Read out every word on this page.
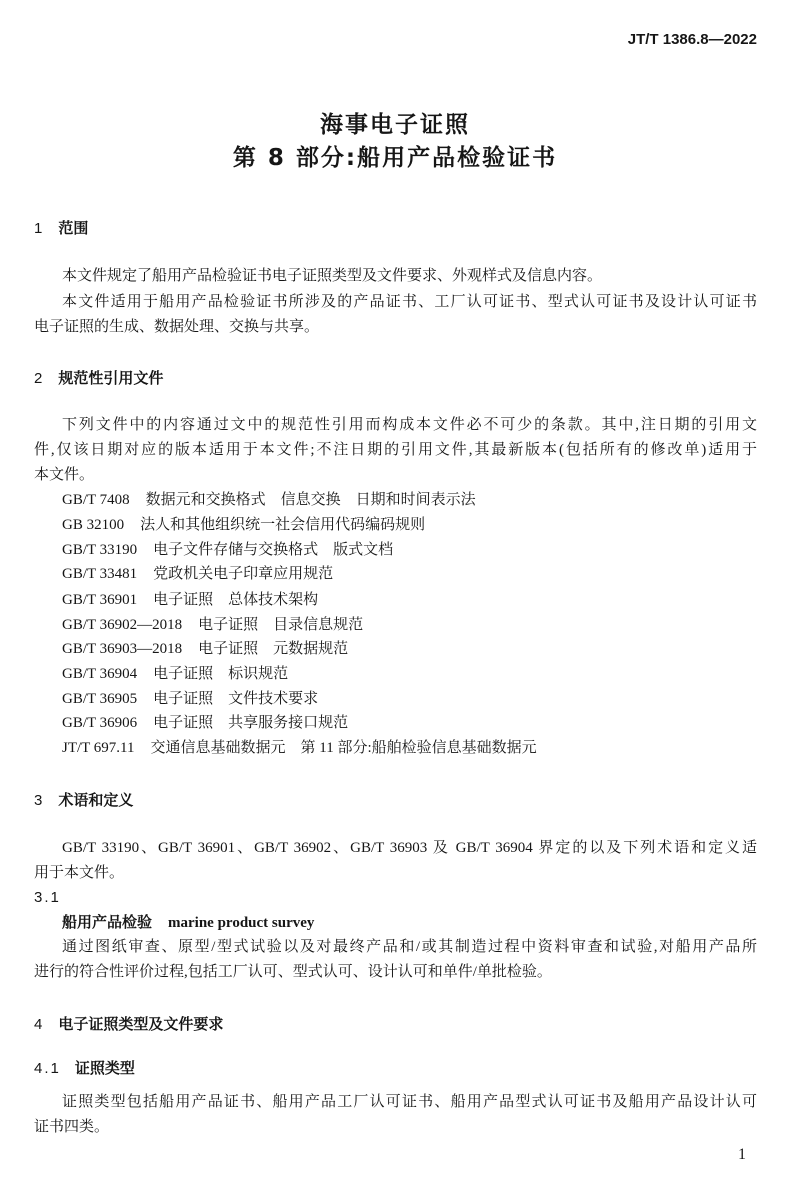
JT/T 1386.8—2022
海事电子证照
第 8 部分:船用产品检验证书
1 范围
本文件规定了船用产品检验证书电子证照类型及文件要求、外观样式及信息内容。
本文件适用于船用产品检验证书所涉及的产品证书、工厂认可证书、型式认可证书及设计认可证书
电子证照的生成、数据处理、交换与共享。
2 规范性引用文件
下列文件中的内容通过文中的规范性引用而构成本文件必不可少的条款。其中,注日期的引用文
件,仅该日期对应的版本适用于本文件;不注日期的引用文件,其最新版本(包括所有的修改单)适用于
本文件。
GB/T 7408 数据元和交换格式　信息交换　日期和时间表示法
GB 32100 法人和其他组织统一社会信用代码编码规则
GB/T 33190 电子文件存储与交换格式　版式文档
GB/T 33481 党政机关电子印章应用规范
GB/T 36901 电子证照　总体技术架构
GB/T 36902—2018 电子证照　目录信息规范
GB/T 36903—2018 电子证照　元数据规范
GB/T 36904 电子证照　标识规范
GB/T 36905 电子证照　文件技术要求
GB/T 36906 电子证照　共享服务接口规范
JT/T 697.11 交通信息基础数据元　第 11 部分:船舶检验信息基础数据元
3 术语和定义
GB/T 33190、GB/T 36901、GB/T 36902、GB/T 36903 及 GB/T 36904 界定的以及下列术语和定义适
用于本文件。
3.1
船用产品检验 marine product survey
通过图纸审查、原型/型式试验以及对最终产品和/或其制造过程中资料审查和试验,对船用产品所
进行的符合性评价过程,包括工厂认可、型式认可、设计认可和单件/单批检验。
4 电子证照类型及文件要求
4.1 证照类型
证照类型包括船用产品证书、船用产品工厂认可证书、船用产品型式认可证书及船用产品设计认可
证书四类。
1
